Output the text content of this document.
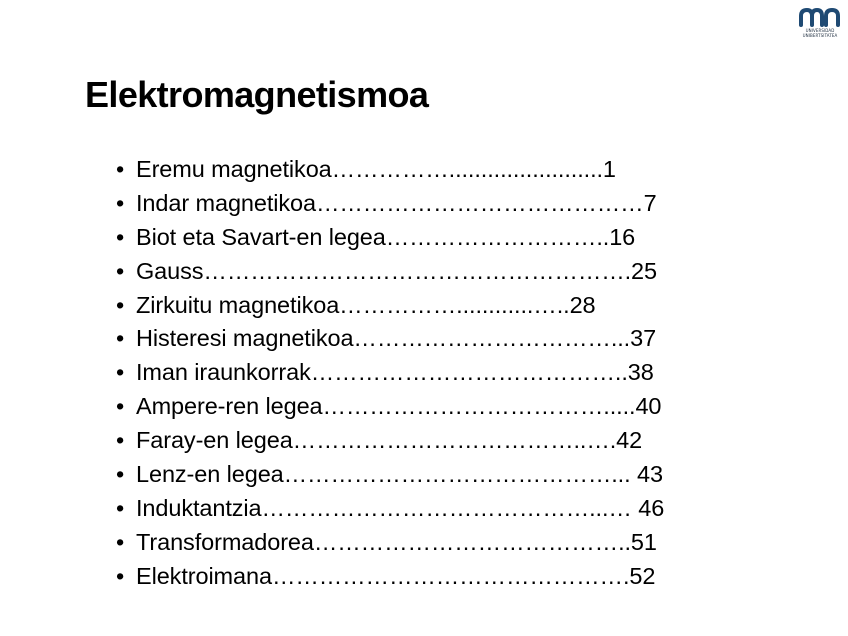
UNIVERSIDAD
UNIBERTSITATEA
Elektromagnetismoa
• Eremu magnetikoa……………........................1
• Indar magnetikoa……………………………………7
• Biot eta Savart-en legea………………………..16
• Gauss……………………………………………….25
• Zirkuitu magnetikoa……………............…..28
• Histeresi magnetikoa……………………………...37
• Iman iraunkorrak…………………………………..38
• Ampere-ren legea……………………………….....40
• Faray-en legea………………………………..….42
• Lenz-en legea……………………………………... 43
• Induktantzia……………………………………...… 46
• Transformadorea…………………………………..51
• Elektroimana……………………………………….52
